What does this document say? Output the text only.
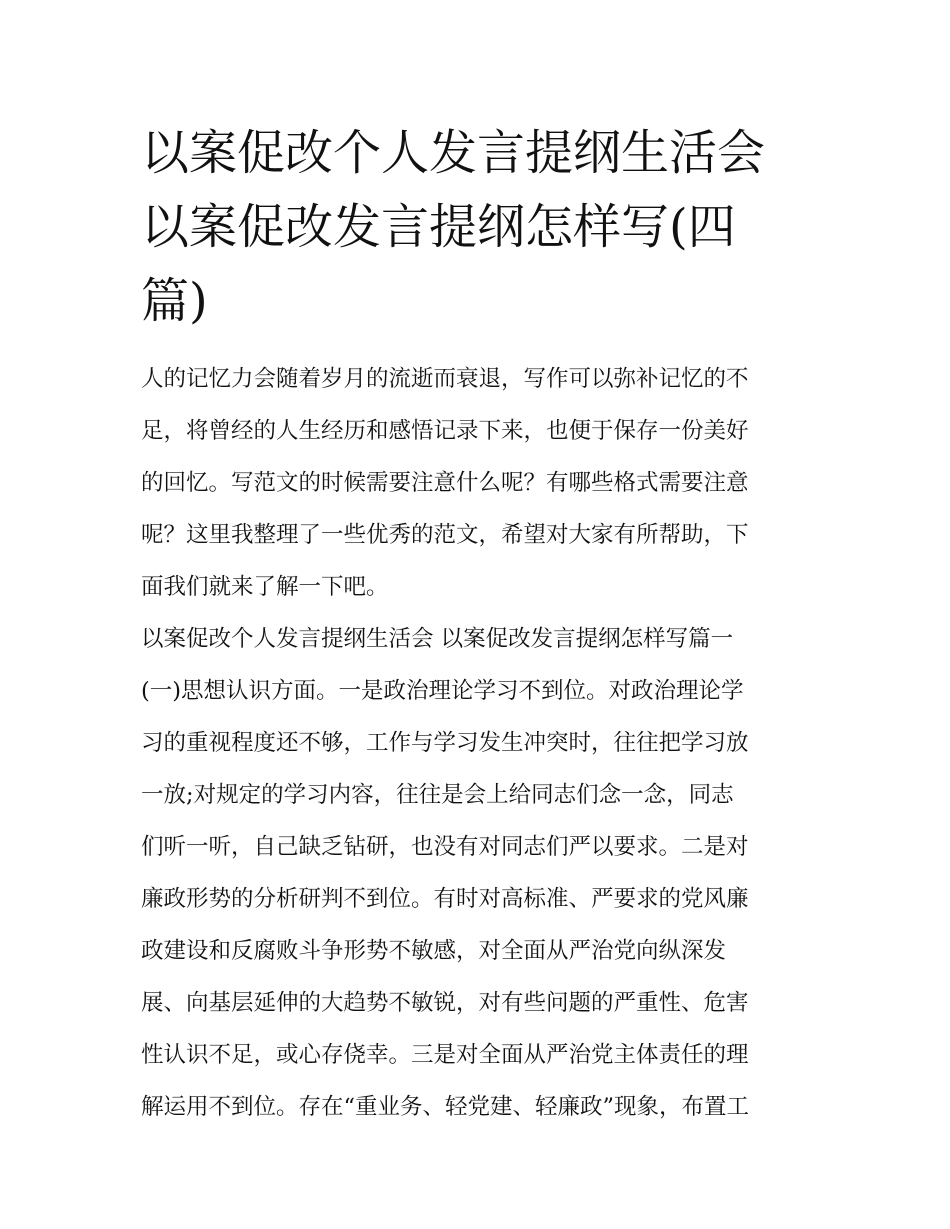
以案促改个人发言提纲生活会
以案促改发言提纲怎样写(四
篇)
人的记忆力会随着岁月的流逝而衰退，写作可以弥补记忆的不
足，将曾经的人生经历和感悟记录下来，也便于保存一份美好
的回忆。写范文的时候需要注意什么呢？有哪些格式需要注意
呢？这里我整理了一些优秀的范文，希望对大家有所帮助，下
面我们就来了解一下吧。
以案促改个人发言提纲生活会 以案促改发言提纲怎样写篇一
(一)思想认识方面。一是政治理论学习不到位。对政治理论学
习的重视程度还不够，工作与学习发生冲突时，往往把学习放
一放;对规定的学习内容，往往是会上给同志们念一念，同志
们听一听，自己缺乏钻研，也没有对同志们严以要求。二是对
廉政形势的分析研判不到位。有时对高标准、严要求的党风廉
政建设和反腐败斗争形势不敏感，对全面从严治党向纵深发
展、向基层延伸的大趋势不敏锐，对有些问题的严重性、危害
性认识不足，或心存侥幸。三是对全面从严治党主体责任的理
解运用不到位。存在“重业务、轻党建、轻廉政”现象，布置工
